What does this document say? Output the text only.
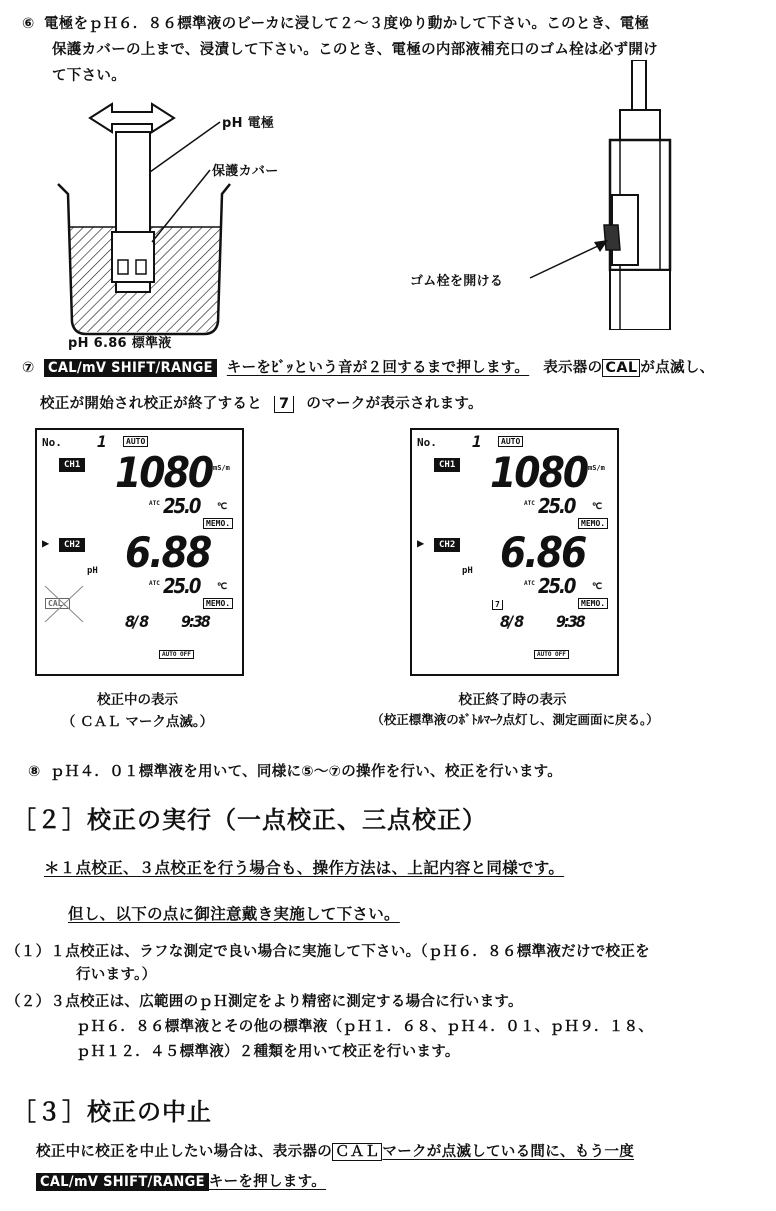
⑥ 電極をｐＨ６．８６標準液のビーカに浸して２～３度ゆり動かして下さい。このとき、電極
保護カバーの上まで、浸漬して下さい。このとき、電極の内部液補充口のゴム栓は必ず開け
て下さい。
pH 電極
保護カバー
pH 6.86 標準液
ゴム栓を開ける
⑦ CAL/mV SHIFT/RANGE キーをﾋﾞｯという音が２回するまで押します。 表示器の CAL が点滅し、
校正が開始され校正が終了すると 7 のマークが表示されます。
No. 1	AUTO
CH1 1080 mS/m
ATC 25.0 ℃
MEMO.
▶	CH2 6.88
pH
ATC 25.0 ℃
MEMO.
CAL.
8/ 8 9:38
AUTO OFF
校正中の表示
（ ＣＡＬ マーク点滅。）
No. 1	AUTO
CH1 1080 mS/m
ATC 25.0 ℃
MEMO.
▶	CH2 6.86
pH
ATC 25.0 ℃
MEMO.
7
8/ 8 9:38
AUTO OFF
校正終了時の表示
（校正標準液のﾎﾞﾄﾙﾏｰｸ点灯し、測定画面に戻る。）
⑧ ｐＨ４．０１標準液を用いて、同様に⑤～⑦の操作を行い、校正を行います。
［２］校正の実行（一点校正、三点校正）
＊１点校正、３点校正を行う場合も、操作方法は、上記内容と同様です。
但し、以下の点に御注意戴き実施して下さい。
（１）１点校正は、ラフな測定で良い場合に実施して下さい。（ｐＨ６．８６標準液だけで校正を
行います。）
（２）３点校正は、広範囲のｐＨ測定をより精密に測定する場合に行います。
ｐＨ６．８６標準液とその他の標準液（ｐＨ１．６８、ｐＨ４．０１、ｐＨ９．１８、
ｐＨ１２．４５標準液）２種類を用いて校正を行います。
［３］校正の中止
校正中に校正を中止したい場合は、表示器の ＣＡＬ マークが点滅している間に、もう一度
CAL/mV SHIFT/RANGE キーを押します。
